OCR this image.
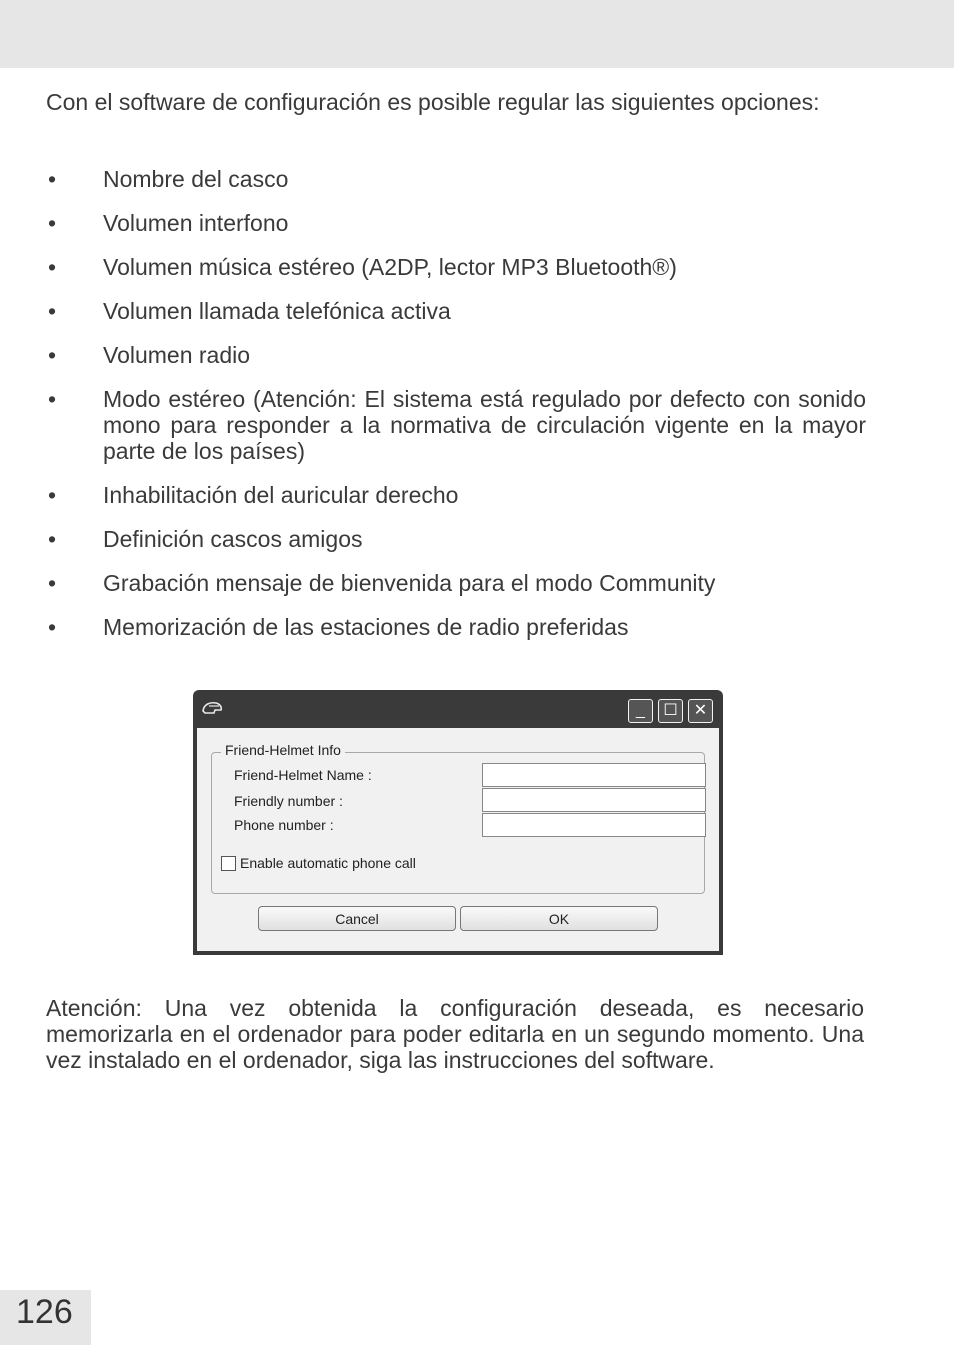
Con el software de configuración es posible regular las siguientes opciones:

• Nombre del casco
• Volumen interfono
• Volumen música estéreo (A2DP, lector MP3 Bluetooth®)
• Volumen llamada telefónica activa
• Volumen radio
• Modo estéreo (Atención: El sistema está regulado por defecto con sonido mono para responder a la normativa de circulación vigente en la mayor parte de los países)
• Inhabilitación del auricular derecho
• Definición cascos amigos
• Grabación mensaje de bienvenida para el modo Community
• Memorización de las estaciones de radio preferidas
_ ☐ ✕
Friend-Helmet Name :
Friendly number :
Phone number :
Friend-Helmet Info
Enable automatic phone call
Cancel	OK

Atención: Una vez obtenida la configuración deseada, es necesario memorizarla en el ordenador para poder editarla en un segundo momento. Una vez instalado en el ordenador, siga las instrucciones del software.

126
